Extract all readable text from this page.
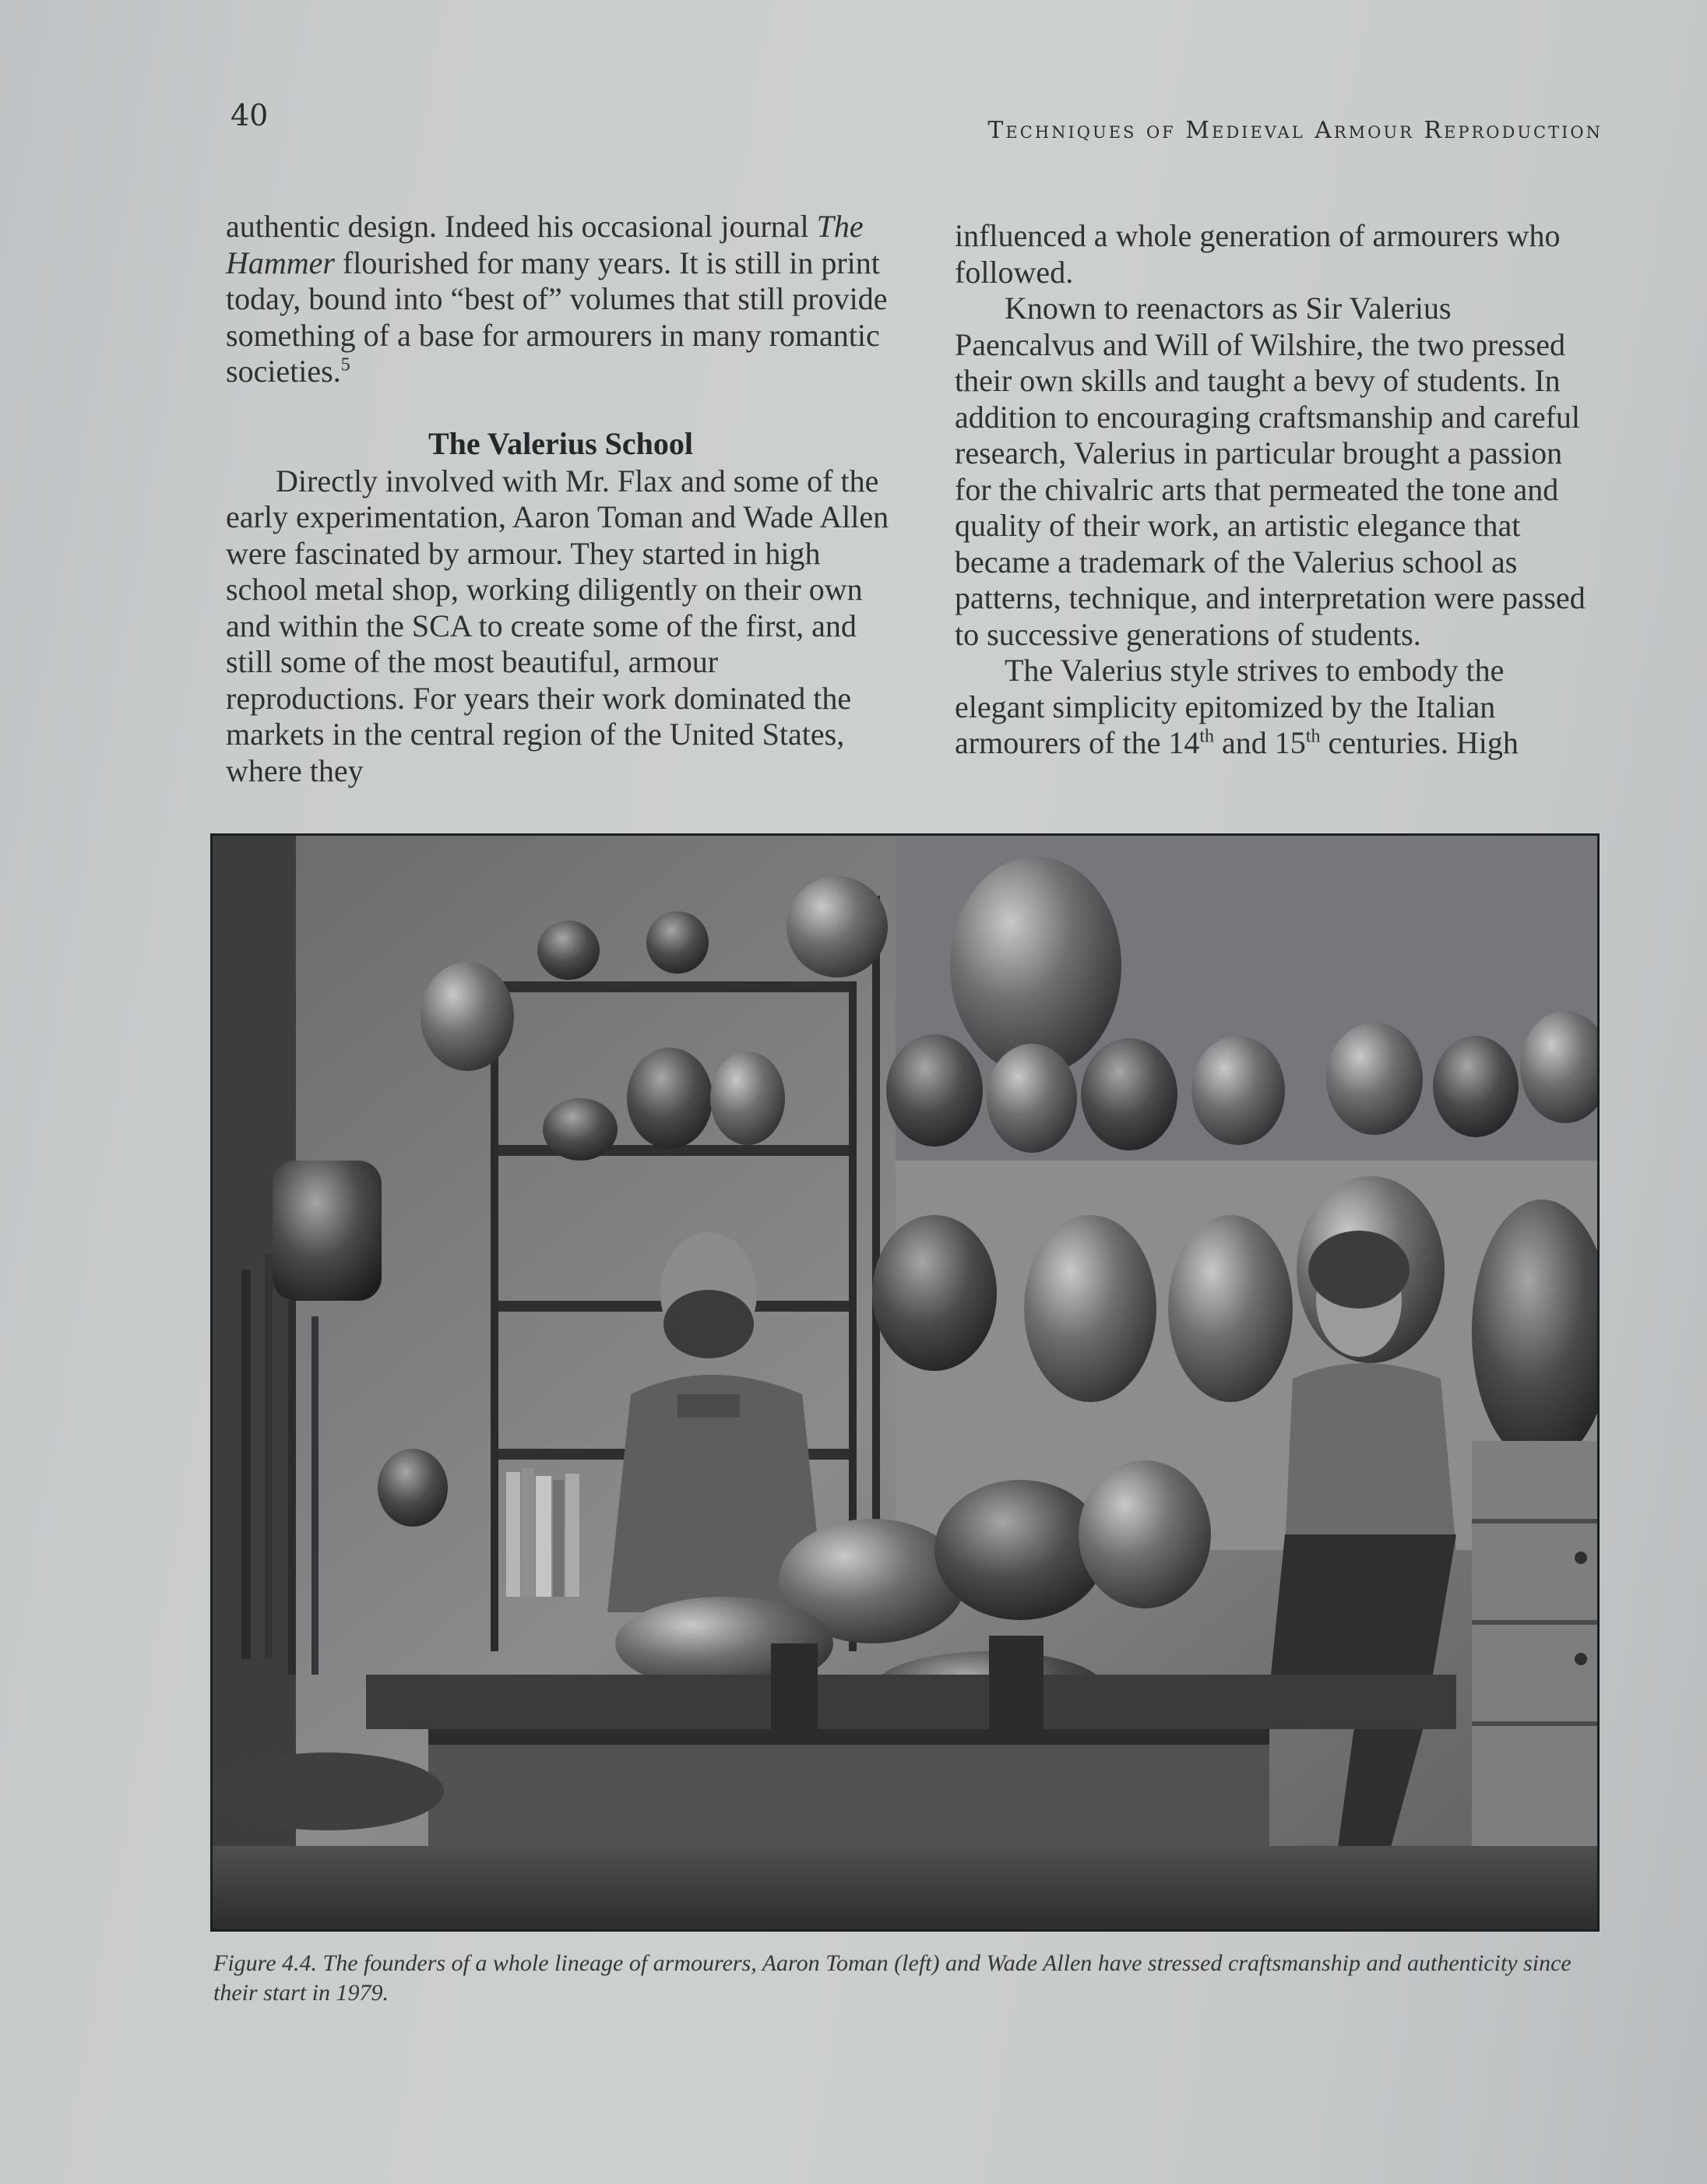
40	Techniques of Medieval Armour Reproduction

authentic design. Indeed his occasional journal The Hammer flourished for many years. It is still in print today, bound into “best of” volumes that still provide something of a base for armourers in many romantic societies.$^5$

The Valerius School

Directly involved with Mr. Flax and some of the early experimentation, Aaron Toman and Wade Allen were fascinated by armour. They started in high school metal shop, working diligently on their own and within the SCA to create some of the first, and still some of the most beautiful, armour reproductions. For years their work dominated the markets in the central region of the United States, where they

influenced a whole generation of armourers who followed.

Known to reenactors as Sir Valerius Paencalvus and Will of Wilshire, the two pressed their own skills and taught a bevy of students. In addition to encouraging craftsmanship and careful research, Valerius in particular brought a passion for the chivalric arts that permeated the tone and quality of their work, an artistic elegance that became a trademark of the Valerius school as patterns, technique, and interpretation were passed to successive generations of students.

The Valerius style strives to embody the elegant simplicity epitomized by the Italian armourers of the 14th and 15th centuries. High

Figure 4.4. The founders of a whole lineage of armourers, Aaron Toman (left) and Wade Allen have stressed craftsmanship and authenticity since their start in 1979.
